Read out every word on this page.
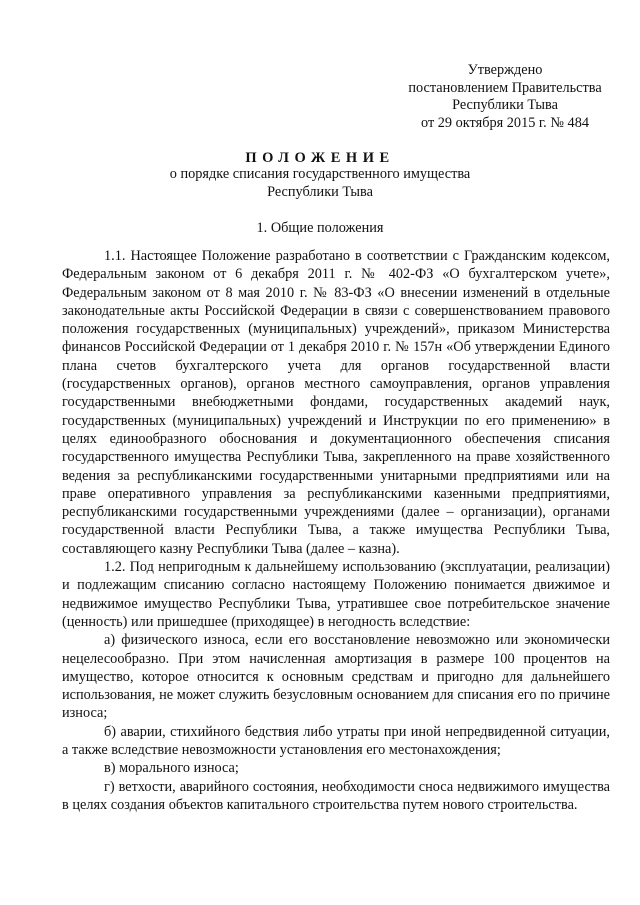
Утверждено
постановлением Правительства
Республики Тыва
от 29 октября 2015 г. № 484
ПОЛОЖЕНИЕ
о порядке списания государственного имущества
Республики Тыва
1. Общие положения

1.1. Настоящее Положение разработано в соответствии с Гражданским кодексом, Федеральным законом от 6 декабря 2011 г. № 402-ФЗ «О бухгалтерском учете», Федеральным законом от 8 мая 2010 г. № 83-ФЗ «О внесении изменений в отдельные законодательные акты Российской Федерации в связи с совершенствованием правового положения государственных (муниципальных) учреждений», приказом Министерства финансов Российской Федерации от 1 декабря 2010 г. № 157н «Об утверждении Единого плана счетов бухгалтерского учета для органов государственной власти (государственных органов), органов местного самоуправления, органов управления государственными внебюджетными фондами, государственных академий наук, государственных (муниципальных) учреждений и Инструкции по его применению» в целях единообразного обоснования и документационного обеспечения списания государственного имущества Республики Тыва, закрепленного на праве хозяйственного ведения за республиканскими государственными унитарными предприятиями или на праве оперативного управления за республиканскими казенными предприятиями, республиканскими государственными учреждениями (далее – организации), органами государственной власти Республики Тыва, а также имущества Республики Тыва, составляющего казну Республики Тыва (далее – казна).

1.2. Под непригодным к дальнейшему использованию (эксплуатации, реализации) и подлежащим списанию согласно настоящему Положению понимается движимое и недвижимое имущество Республики Тыва, утратившее свое потребительское значение (ценность) или пришедшее (приходящее) в негодность вследствие:

а) физического износа, если его восстановление невозможно или экономически нецелесообразно. При этом начисленная амортизация в размере 100 процентов на имущество, которое относится к основным средствам и пригодно для дальнейшего использования, не может служить безусловным основанием для списания его по причине износа;

б) аварии, стихийного бедствия либо утраты при иной непредвиденной ситуации, а также вследствие невозможности установления его местонахождения;

в) морального износа;

г) ветхости, аварийного состояния, необходимости сноса недвижимого имущества в целях создания объектов капитального строительства путем нового строительства.
